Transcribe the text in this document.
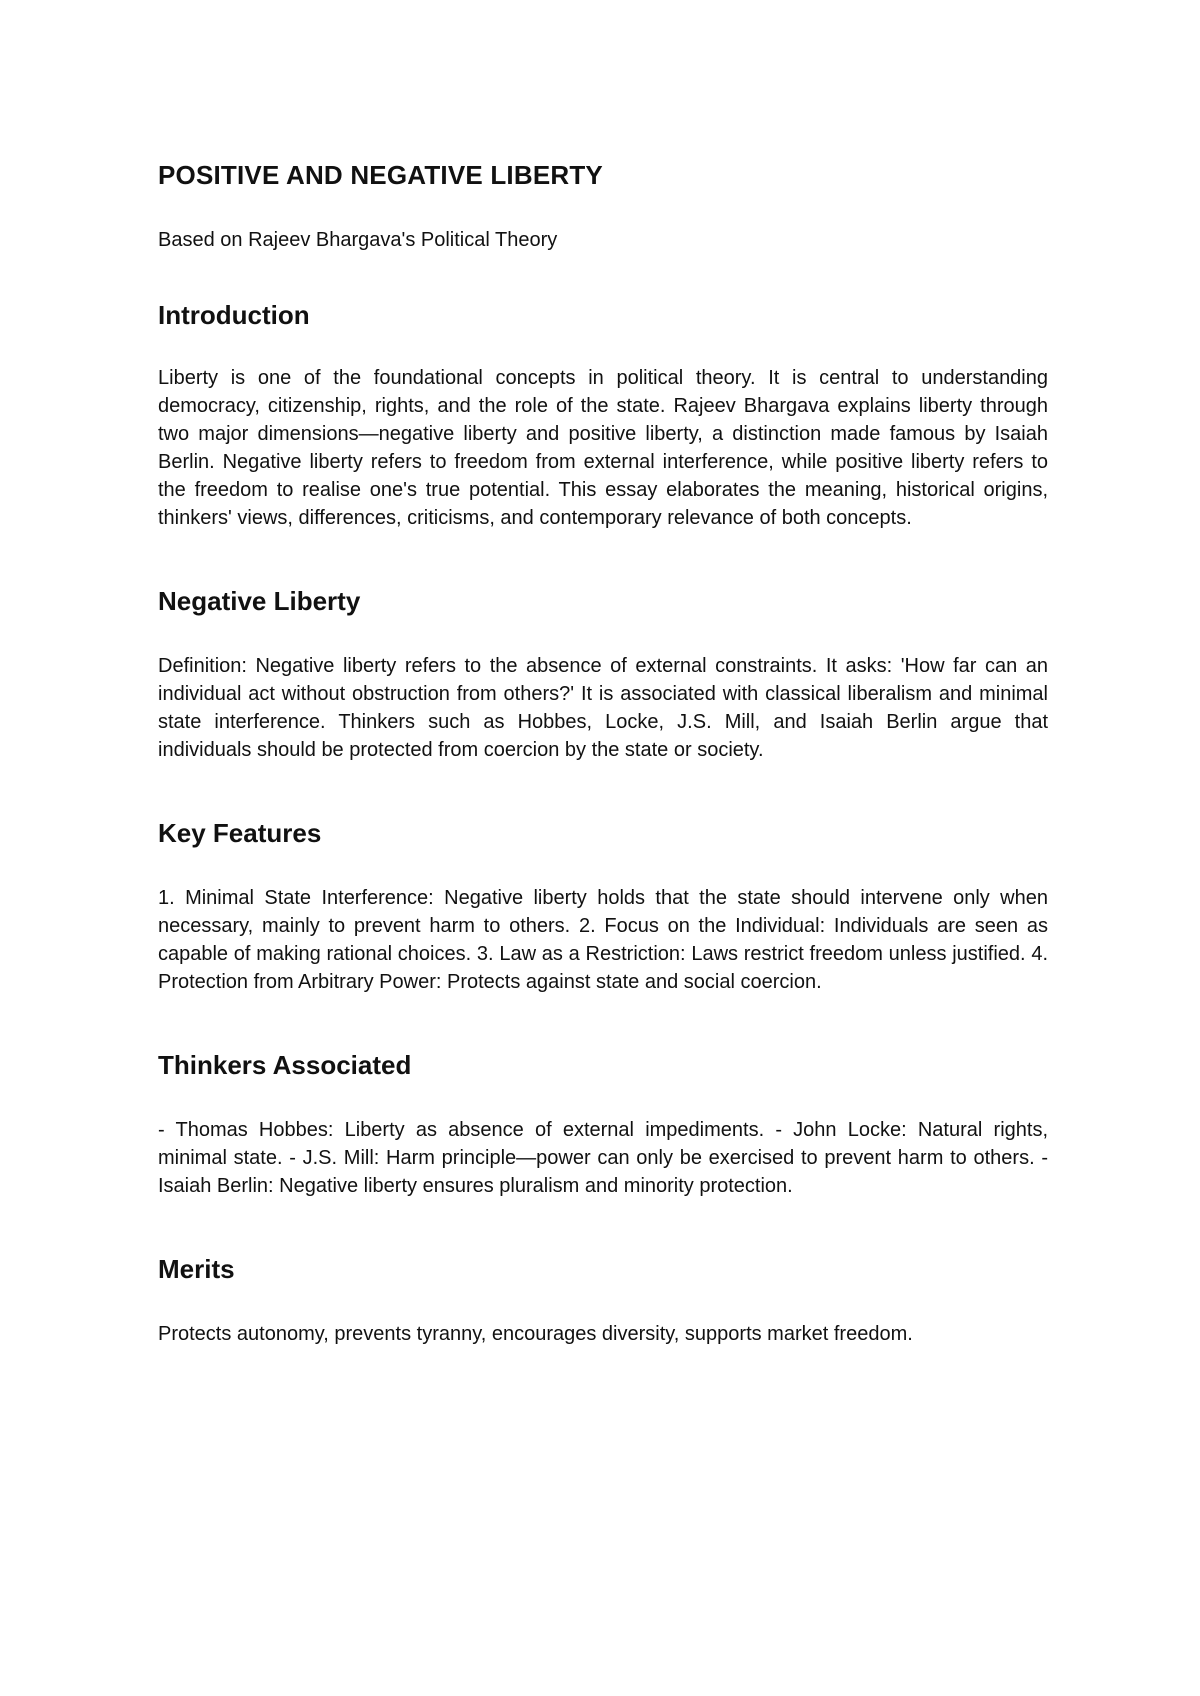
POSITIVE AND NEGATIVE LIBERTY

Based on Rajeev Bhargava's Political Theory

Introduction

Liberty is one of the foundational concepts in political theory. It is central to understanding democracy, citizenship, rights, and the role of the state. Rajeev Bhargava explains liberty through two major dimensions—negative liberty and positive liberty, a distinction made famous by Isaiah Berlin. Negative liberty refers to freedom from external interference, while positive liberty refers to the freedom to realise one's true potential. This essay elaborates the meaning, historical origins, thinkers' views, differences, criticisms, and contemporary relevance of both concepts.

Negative Liberty

Definition: Negative liberty refers to the absence of external constraints. It asks: 'How far can an individual act without obstruction from others?' It is associated with classical liberalism and minimal state interference. Thinkers such as Hobbes, Locke, J.S. Mill, and Isaiah Berlin argue that individuals should be protected from coercion by the state or society.

Key Features

1. Minimal State Interference: Negative liberty holds that the state should intervene only when necessary, mainly to prevent harm to others. 2. Focus on the Individual: Individuals are seen as capable of making rational choices. 3. Law as a Restriction: Laws restrict freedom unless justified. 4. Protection from Arbitrary Power: Protects against state and social coercion.

Thinkers Associated

- Thomas Hobbes: Liberty as absence of external impediments. - John Locke: Natural rights, minimal state. - J.S. Mill: Harm principle—power can only be exercised to prevent harm to others. - Isaiah Berlin: Negative liberty ensures pluralism and minority protection.

Merits

Protects autonomy, prevents tyranny, encourages diversity, supports market freedom.
